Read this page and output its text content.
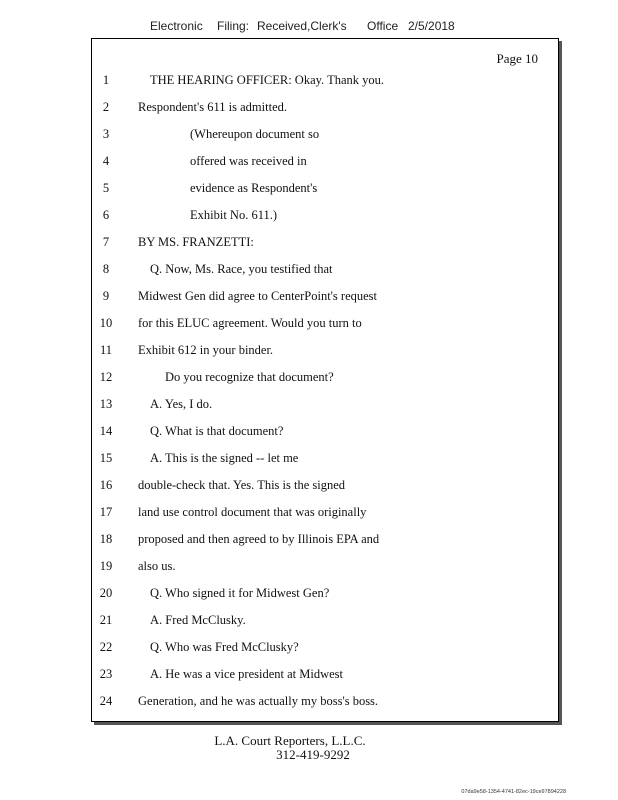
Electronic Filing: Received,Clerk's Office 2/5/2018
Page 10
1	THE HEARING OFFICER: Okay. Thank you.
2	Respondent's 611 is admitted.
3	(Whereupon document so
4	offered was received in
5	evidence as Respondent's
6	Exhibit No. 611.)
7	BY MS. FRANZETTI:
8	Q. Now, Ms. Race, you testified that
9	Midwest Gen did agree to CenterPoint's request
10	for this ELUC agreement. Would you turn to
11	Exhibit 612 in your binder.
12	Do you recognize that document?
13	A. Yes, I do.
14	Q. What is that document?
15	A. This is the signed -- let me
16	double-check that. Yes. This is the signed
17	land use control document that was originally
18	proposed and then agreed to by Illinois EPA and
19	also us.
20	Q. Who signed it for Midwest Gen?
21	A. Fred McClusky.
22	Q. Who was Fred McClusky?
23	A. He was a vice president at Midwest
24	Generation, and he was actually my boss's boss.
L.A. Court Reporters, L.L.C.
312-419-9292
07da9e58-1354-4741-82ec-19ce97894228
